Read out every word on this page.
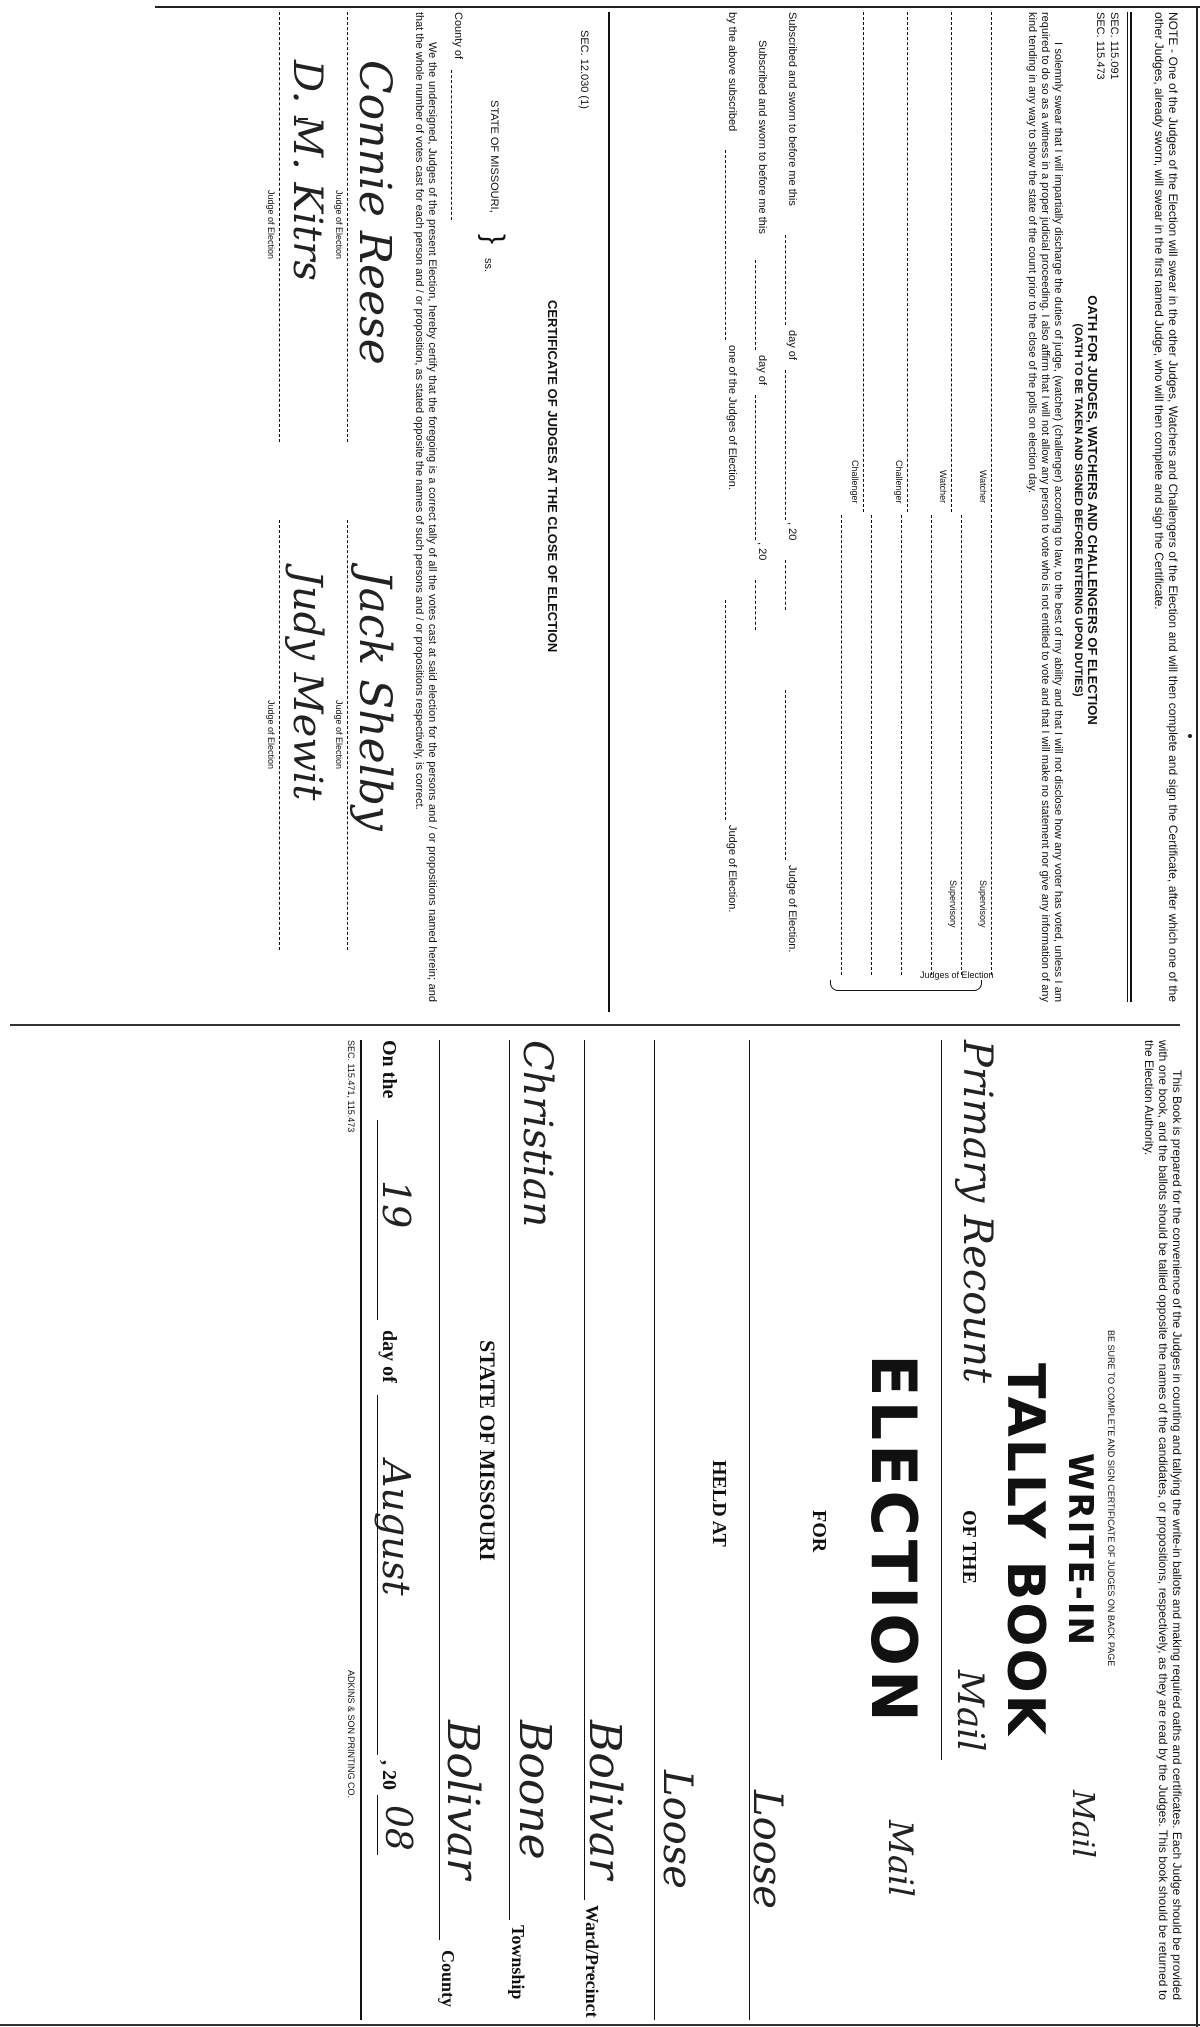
NOTE - One of the Judges of the Election will swear in the other Judges, Watchers and Challengers of the Election and will then complete and sign the Certificate, after which one of the other Judges, already sworn, will swear in the first named Judge, who will then complete and sign the Certificate.
SEC. 115.091
SEC. 115.473
OATH FOR JUDGES, WATCHERS AND CHALLENGERS OF ELECTION
(OATH TO BE TAKEN AND SIGNED BEFORE ENTERING UPON DUTIES)
I solemnly swear that I will impartially discharge the duties of judge, (watcher) (challenger) according to law, to the best of my ability and that I will not disclose how any voter has voted, unless I am required to do so as a witness in a proper judicial proceeding. I also affirm that I will not allow any person to vote who is not entitled to vote and that I will make no statement nor give any information of any kind tending in any way to show the state of the count prior to the close of the polls on election day.
Watcher
Watcher
Challenger
Challenger
Supervisory
Supervisory
Judges of Election
Subscribed and sworn to before me this
day of
, 20
Judge of Election.
Subscribed and sworn to before me this
day of
, 20
by the above subscribed
one of the Judges of Election.
Judge of Election.
SEC. 12.030 (1)
CERTIFICATE OF JUDGES AT THE CLOSE OF ELECTION
STATE OF MISSOURI,
}
ss.
County of
We the undersigned, Judges of the present Election, hereby certify that the foregoing is a correct tally of all the votes cast at said election for the persons and / or propositions named herein; and that the whole number of votes cast for each person and / or proposition, as stated opposite the names of such persons and / or propositions respectively, is correct.
Connie Reese
Judge of Election
Jack Shelby
Judge of Election
D. M. Kitrs
Judge of Election
Judy Mewit
Judge of Election
This Book is prepared for the convenience of the Judges in counting and tallying the write-in ballots and making required oaths and certificates. Each Judge should be provided with one book, and the ballots should be tallied opposite the names of the candidates, or propositions, respectively, as they are read by the Judges. This book should be returned to the Election Authority.
BE SURE TO COMPLETE AND SIGN CERTIFICATE OF JUDGES ON BACK PAGE
WRITE-IN
Mail
TALLY BOOK
Primary Recount
OF THE
Mail
ELECTION
Mail
FOR
Loose
HELD AT
Loose
Bolivar
Ward/Precinct
Christian
Boone
Township
STATE OF MISSOURI
Bolivar
County
On the
19
day of
August
, 20
08
SEC. 115.471, 115.473
ADKINS & SON PRINTING CO.
